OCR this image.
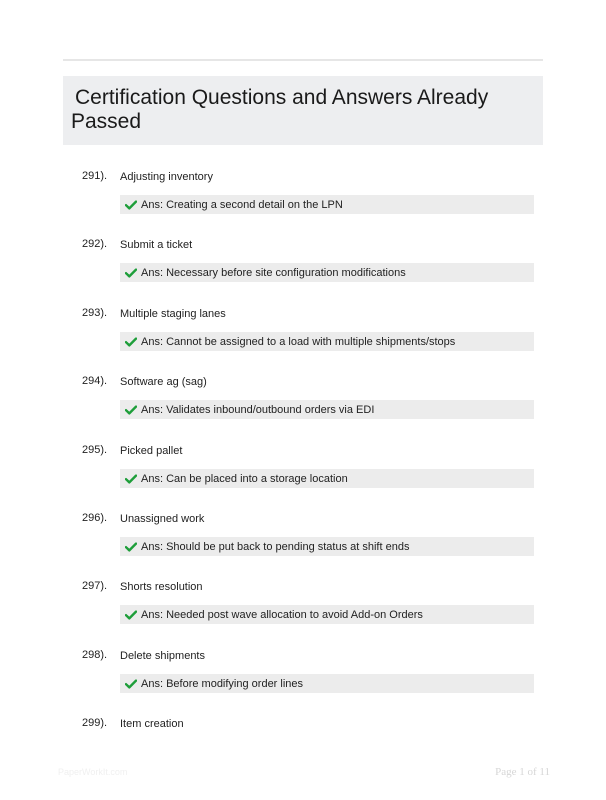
Certification Questions and Answers Already Passed
291). Adjusting inventory
Ans: Creating a second detail on the LPN
292). Submit a ticket
Ans: Necessary before site configuration modifications
293). Multiple staging lanes
Ans: Cannot be assigned to a load with multiple shipments/stops
294). Software ag (sag)
Ans: Validates inbound/outbound orders via EDI
295). Picked pallet
Ans: Can be placed into a storage location
296). Unassigned work
Ans: Should be put back to pending status at shift ends
297). Shorts resolution
Ans: Needed post wave allocation to avoid Add-on Orders
298). Delete shipments
Ans: Before modifying order lines
299). Item creation
PaperWorkIt.com	Page 1 of 11
